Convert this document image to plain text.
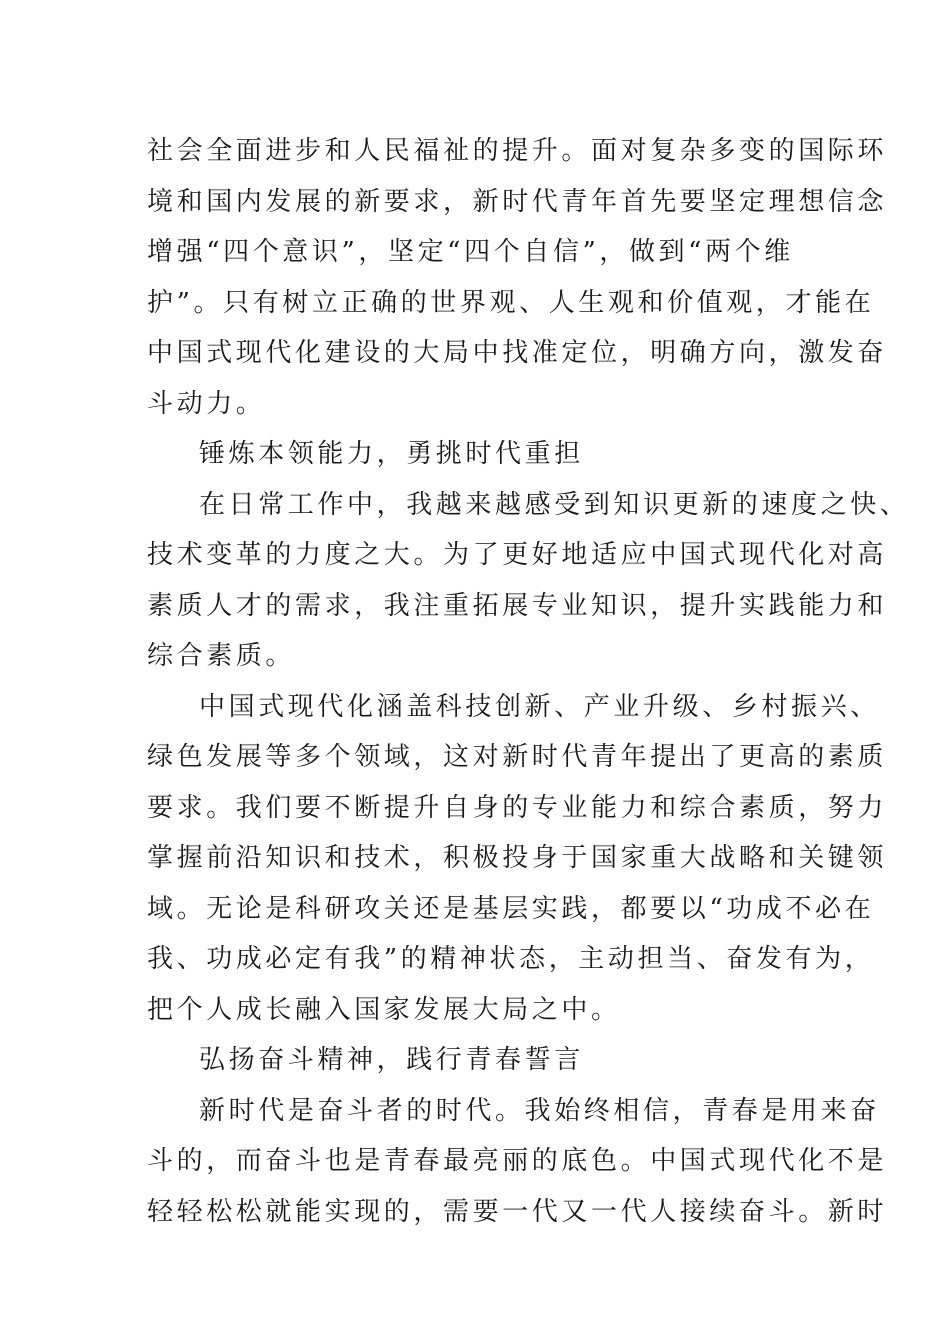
社会全面进步和人民福祉的提升。面对复杂多变的国际环
境和国内发展的新要求，新时代青年首先要坚定理想信念
增强“四个意识”，坚定“四个自信”，做到“两个维
护”。只有树立正确的世界观、人生观和价值观，才能在
中国式现代化建设的大局中找准定位，明确方向，激发奋
斗动力。
锤炼本领能力，勇挑时代重担
在日常工作中，我越来越感受到知识更新的速度之快、
技术变革的力度之大。为了更好地适应中国式现代化对高
素质人才的需求，我注重拓展专业知识，提升实践能力和
综合素质。
中国式现代化涵盖科技创新、产业升级、乡村振兴、
绿色发展等多个领域，这对新时代青年提出了更高的素质
要求。我们要不断提升自身的专业能力和综合素质，努力
掌握前沿知识和技术，积极投身于国家重大战略和关键领
域。无论是科研攻关还是基层实践，都要以“功成不必在
我、功成必定有我”的精神状态，主动担当、奋发有为，
把个人成长融入国家发展大局之中。
弘扬奋斗精神，践行青春誓言
新时代是奋斗者的时代。我始终相信，青春是用来奋
斗的，而奋斗也是青春最亮丽的底色。中国式现代化不是
轻轻松松就能实现的，需要一代又一代人接续奋斗。新时
